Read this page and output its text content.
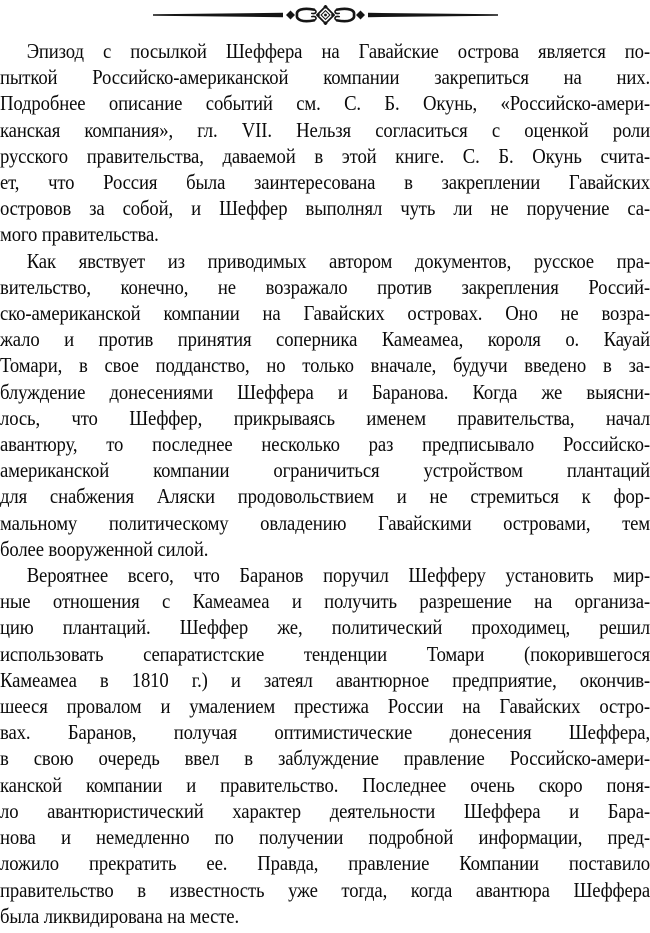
Эпизод с посылкой Шеффера на Гавайские острова является по-
пыткой Российско-американской компании закрепиться на них.
Подробнее описание событий см. С. Б. Окунь, «Российско-амери-
канская компания», гл. VII. Нельзя согласиться с оценкой роли
русского правительства, даваемой в этой книге. С. Б. Окунь счита-
ет, что Россия была заинтересована в закреплении Гавайских
островов за собой, и Шеффер выполнял чуть ли не поручение са-
мого правительства.
Как явствует из приводимых автором документов, русское пра-
вительство, конечно, не возражало против закрепления Россий-
ско-американской компании на Гавайских островах. Оно не возра-
жало и против принятия соперника Камеамеа, короля о. Кауай
Томари, в свое подданство, но только вначале, будучи введено в за-
блуждение донесениями Шеффера и Баранова. Когда же выясни-
лось, что Шеффер, прикрываясь именем правительства, начал
авантюру, то последнее несколько раз предписывало Российско-
американской компании ограничиться устройством плантаций
для снабжения Аляски продовольствием и не стремиться к фор-
мальному политическому овладению Гавайскими островами, тем
более вооруженной силой.
Вероятнее всего, что Баранов поручил Шефферу установить мир-
ные отношения с Камеамеа и получить разрешение на организа-
цию плантаций. Шеффер же, политический проходимец, решил
использовать сепаратистские тенденции Томари (покорившегося
Камеамеа в 1810 г.) и затеял авантюрное предприятие, окончив-
шееся провалом и умалением престижа России на Гавайских остро-
вах. Баранов, получая оптимистические донесения Шеффера,
в свою очередь ввел в заблуждение правление Российско-амери-
канской компании и правительство. Последнее очень скоро поня-
ло авантюристический характер деятельности Шеффера и Бара-
нова и немедленно по получении подробной информации, пред-
ложило прекратить ее. Правда, правление Компании поставило
правительство в известность уже тогда, когда авантюра Шеффера
была ликвидирована на месте.
